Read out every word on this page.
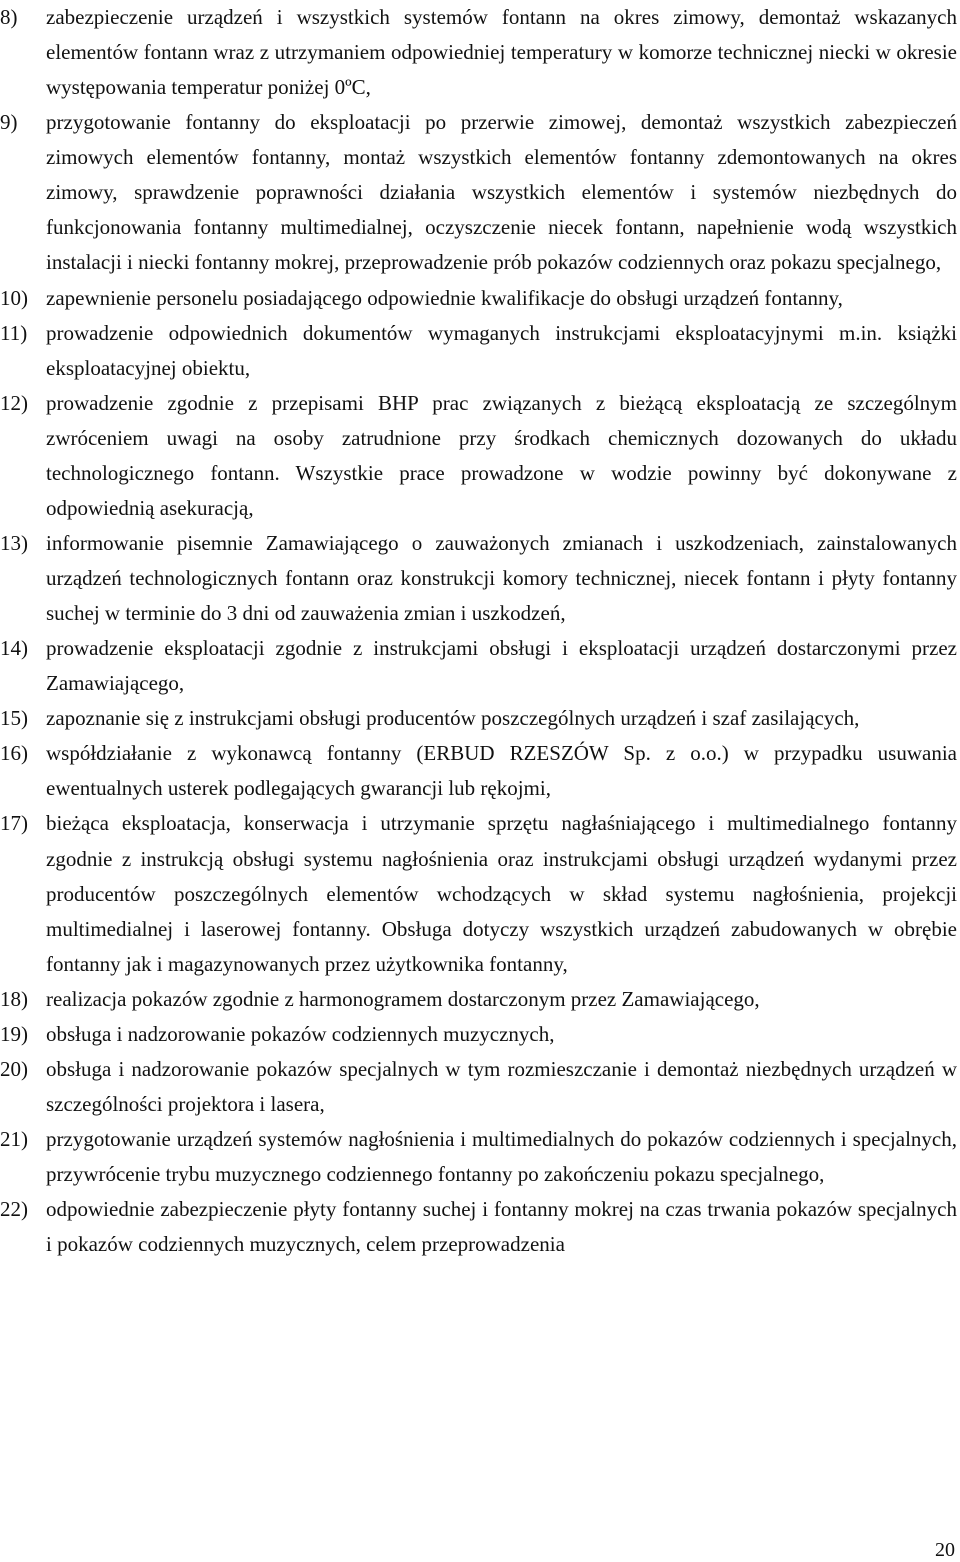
8) zabezpieczenie urządzeń i wszystkich systemów fontann na okres zimowy, demontaż wskazanych elementów fontann wraz z utrzymaniem odpowiedniej temperatury w komorze technicznej niecki w okresie występowania temperatur poniżej 0ºC,
9) przygotowanie fontanny do eksploatacji po przerwie zimowej, demontaż wszystkich zabezpieczeń zimowych elementów fontanny, montaż wszystkich elementów fontanny zdemontowanych na okres zimowy, sprawdzenie poprawności działania wszystkich elementów i systemów niezbędnych do funkcjonowania fontanny multimedialnej, oczyszczenie niecek fontann, napełnienie wodą wszystkich instalacji i niecki fontanny mokrej, przeprowadzenie prób pokazów codziennych oraz pokazu specjalnego,
10) zapewnienie personelu posiadającego odpowiednie kwalifikacje do obsługi urządzeń fontanny,
11) prowadzenie odpowiednich dokumentów wymaganych instrukcjami eksploatacyjnymi m.in. książki eksploatacyjnej obiektu,
12) prowadzenie zgodnie z przepisami BHP prac związanych z bieżącą eksploatacją ze szczególnym zwróceniem uwagi na osoby zatrudnione przy środkach chemicznych dozowanych do układu technologicznego fontann. Wszystkie prace prowadzone w wodzie powinny być dokonywane z odpowiednią asekuracją,
13) informowanie pisemnie Zamawiającego o zauważonych zmianach i uszkodzeniach, zainstalowanych urządzeń technologicznych fontann oraz konstrukcji komory technicznej, niecek fontann i płyty fontanny suchej w terminie do 3 dni od zauważenia zmian i uszkodzeń,
14) prowadzenie eksploatacji zgodnie z instrukcjami obsługi i eksploatacji urządzeń dostarczonymi przez Zamawiającego,
15) zapoznanie się z instrukcjami obsługi producentów poszczególnych urządzeń i szaf zasilających,
16) współdziałanie z wykonawcą fontanny (ERBUD RZESZÓW Sp. z o.o.) w przypadku usuwania ewentualnych usterek podlegających gwarancji lub rękojmi,
17) bieżąca eksploatacja, konserwacja i utrzymanie sprzętu nagłaśniającego i multimedialnego fontanny zgodnie z instrukcją obsługi systemu nagłośnienia oraz instrukcjami obsługi urządzeń wydanymi przez producentów poszczególnych elementów wchodzących w skład systemu nagłośnienia, projekcji multimedialnej i laserowej fontanny. Obsługa dotyczy wszystkich urządzeń zabudowanych w obrębie fontanny jak i magazynowanych przez użytkownika fontanny,
18) realizacja pokazów zgodnie z harmonogramem dostarczonym przez Zamawiającego,
19) obsługa i nadzorowanie pokazów codziennych muzycznych,
20) obsługa i nadzorowanie pokazów specjalnych w tym rozmieszczanie i demontaż niezbędnych urządzeń w szczególności projektora i lasera,
21) przygotowanie urządzeń systemów nagłośnienia i multimedialnych do pokazów codziennych i specjalnych, przywrócenie trybu muzycznego codziennego fontanny po zakończeniu pokazu specjalnego,
22) odpowiednie zabezpieczenie płyty fontanny suchej i fontanny mokrej na czas trwania pokazów specjalnych i pokazów codziennych muzycznych, celem przeprowadzenia
20
